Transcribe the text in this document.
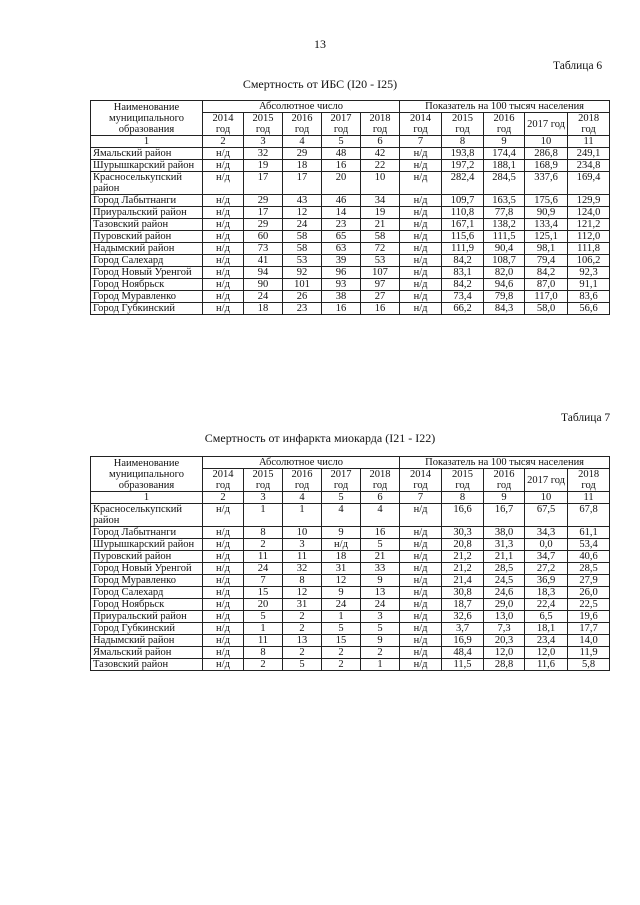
13
Таблица 6
Смертность от ИБС (I20 - I25)
Наименование муниципального образования	Абсолютное число					Показатель на 100 тысяч населения				
	2014 год	2015 год	2016 год	2017 год	2018 год	2014 год	2015 год	2016 год	2017 год	2018 год
1	2	3	4	5	6	7	8	9	10	11
Ямальский район	н/д	32	29	48	42	н/д	193,8	174,4	286,8	249,1
Шурышкарский район	н/д	19	18	16	22	н/д	197,2	188,1	168,9	234,8
Красноселькупский район	н/д	17	17	20	10	н/д	282,4	284,5	337,6	169,4
Город Лабытнанги	н/д	29	43	46	34	н/д	109,7	163,5	175,6	129,9
Приуральский район	н/д	17	12	14	19	н/д	110,8	77,8	90,9	124,0
Тазовский район	н/д	29	24	23	21	н/д	167,1	138,2	133,4	121,2
Пуровский район	н/д	60	58	65	58	н/д	115,6	111,5	125,1	112,0
Надымский район	н/д	73	58	63	72	н/д	111,9	90,4	98,1	111,8
Город Салехард	н/д	41	53	39	53	н/д	84,2	108,7	79,4	106,2
Город Новый Уренгой	н/д	94	92	96	107	н/д	83,1	82,0	84,2	92,3
Город Ноябрьск	н/д	90	101	93	97	н/д	84,2	94,6	87,0	91,1
Город Муравленко	н/д	24	26	38	27	н/д	73,4	79,8	117,0	83,6
Город Губкинский	н/д	18	23	16	16	н/д	66,2	84,3	58,0	56,6
Таблица 7
Смертность от инфаркта миокарда (I21 - I22)
Наименование муниципального образования	Абсолютное число					Показатель на 100 тысяч населения				
	2014 год	2015 год	2016 год	2017 год	2018 год	2014 год	2015 год	2016 год	2017 год	2018 год
1	2	3	4	5	6	7	8	9	10	11
Красноселькупский район	н/д	1	1	4	4	н/д	16,6	16,7	67,5	67,8
Город Лабытнанги	н/д	8	10	9	16	н/д	30,3	38,0	34,3	61,1
Шурышкарский район	н/д	2	3	н/д	5	н/д	20,8	31,3	0,0	53,4
Пуровский район	н/д	11	11	18	21	н/д	21,2	21,1	34,7	40,6
Город Новый Уренгой	н/д	24	32	31	33	н/д	21,2	28,5	27,2	28,5
Город Муравленко	н/д	7	8	12	9	н/д	21,4	24,5	36,9	27,9
Город Салехард	н/д	15	12	9	13	н/д	30,8	24,6	18,3	26,0
Город Ноябрьск	н/д	20	31	24	24	н/д	18,7	29,0	22,4	22,5
Приуральский район	н/д	5	2	1	3	н/д	32,6	13,0	6,5	19,6
Город Губкинский	н/д	1	2	5	5	н/д	3,7	7,3	18,1	17,7
Надымский район	н/д	11	13	15	9	н/д	16,9	20,3	23,4	14,0
Ямальский район	н/д	8	2	2	2	н/д	48,4	12,0	12,0	11,9
Тазовский район	н/д	2	5	2	1	н/д	11,5	28,8	11,6	5,8
